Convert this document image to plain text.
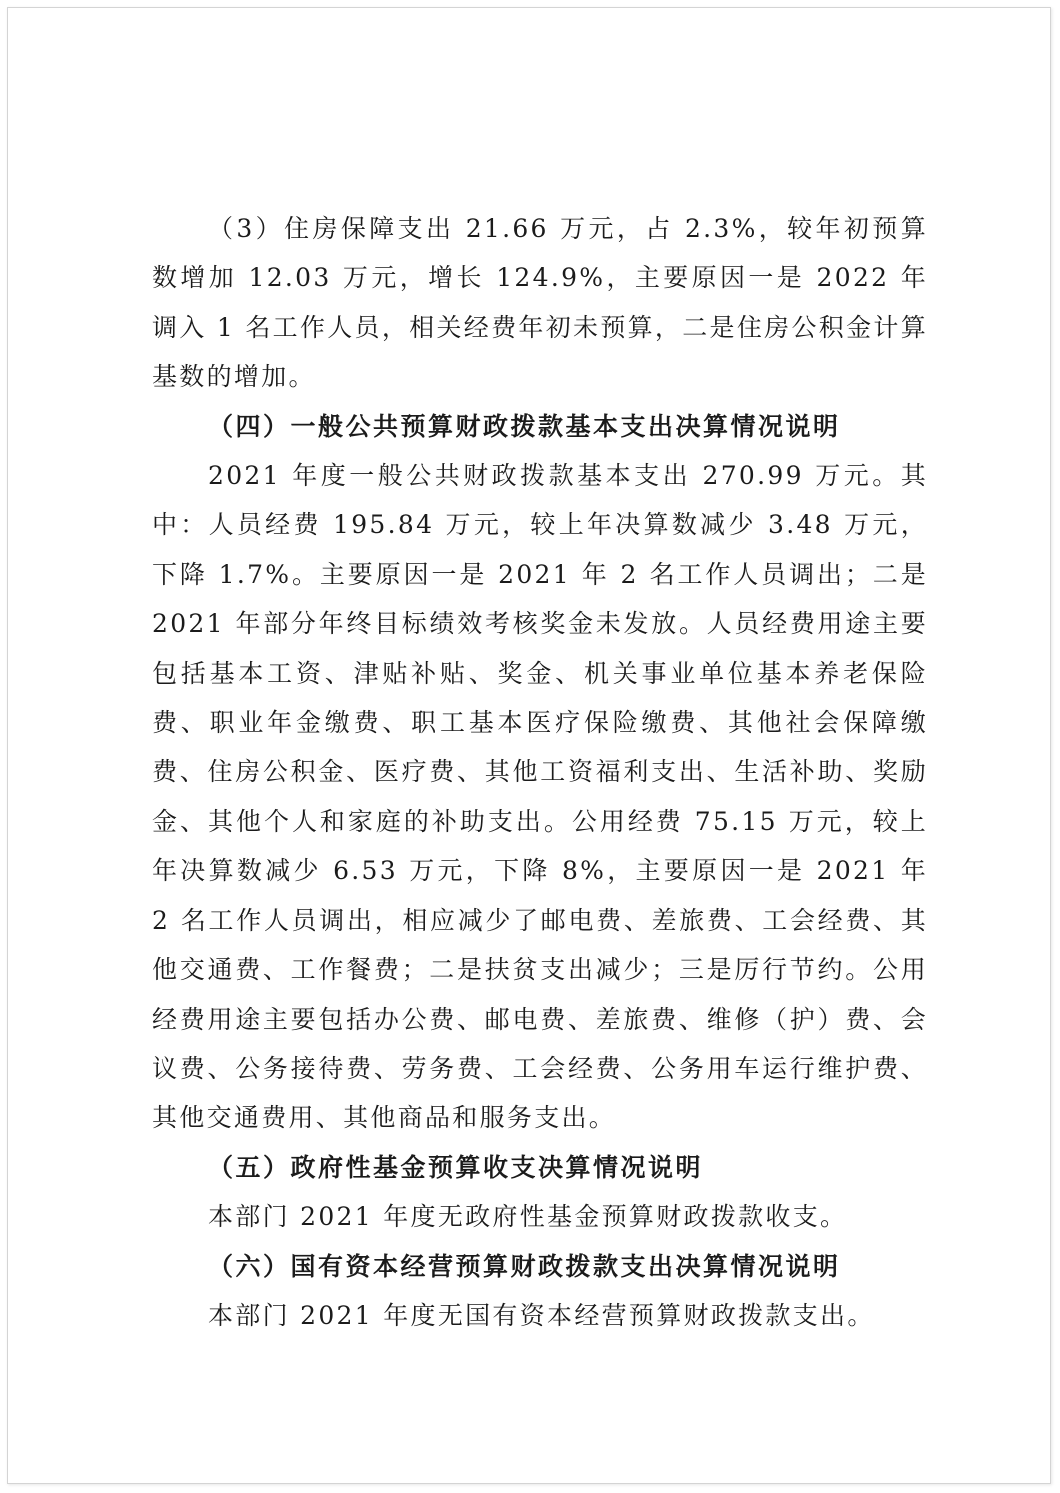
（3）住房保障支出 21.66 万元，占 2.3%，较年初预算数增加 12.03 万元，增长 124.9%，主要原因一是 2022 年调入 1 名工作人员，相关经费年初未预算，二是住房公积金计算基数的增加。

（四）一般公共预算财政拨款基本支出决算情况说明

2021 年度一般公共财政拨款基本支出 270.99 万元。其中：人员经费 195.84 万元，较上年决算数减少 3.48 万元，下降 1.7%。主要原因一是 2021 年 2 名工作人员调出；二是 2021 年部分年终目标绩效考核奖金未发放。人员经费用途主要包括基本工资、津贴补贴、奖金、机关事业单位基本养老保险费、职业年金缴费、职工基本医疗保险缴费、其他社会保障缴费、住房公积金、医疗费、其他工资福利支出、生活补助、奖励金、其他个人和家庭的补助支出。公用经费 75.15 万元，较上年决算数减少 6.53 万元，下降 8%，主要原因一是 2021 年 2 名工作人员调出，相应减少了邮电费、差旅费、工会经费、其他交通费、工作餐费；二是扶贫支出减少；三是厉行节约。公用经费用途主要包括办公费、邮电费、差旅费、维修（护）费、会议费、公务接待费、劳务费、工会经费、公务用车运行维护费、其他交通费用、其他商品和服务支出。

（五）政府性基金预算收支决算情况说明

本部门 2021 年度无政府性基金预算财政拨款收支。

（六）国有资本经营预算财政拨款支出决算情况说明

本部门 2021 年度无国有资本经营预算财政拨款支出。
